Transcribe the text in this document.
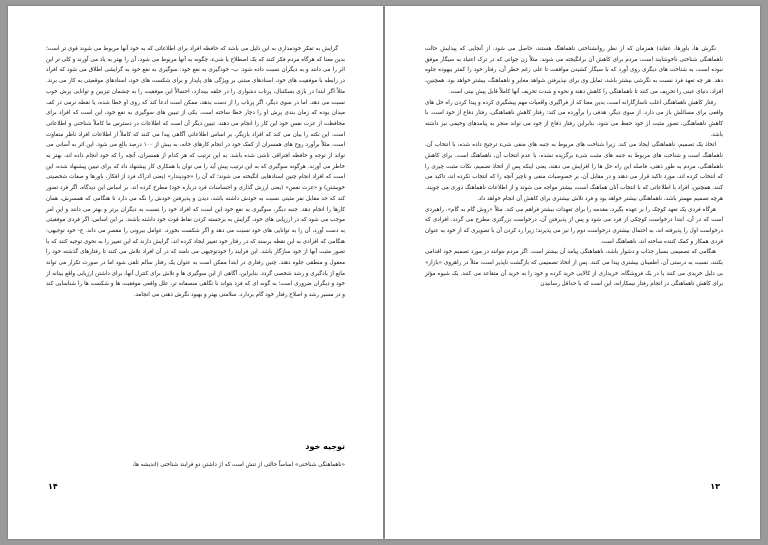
گرایش به تفکر خودمداری به این دلیل می باشد که حافظه افراد برای اطلاعاتی که به خود آنها مربوط می شوند قوی تر است؛ بدین معنا که هرگاه مردم فکر کنند که یک اصطلاح یا شیء، چگونه به آنها مربوط می شود، آن را بهتر به یاد می آورند و کلی تر این اثر را می دانند و به دیگران نسبت داده شود. ب- خودگیری به نفع خود: سوگیری به نفع خود به گرایشی اطلاق می شود که افراد در رابطه با موفقیت های خود، اسنادهای مبتنی بر ویژگی های پایدار و برای شکست های خود، اسنادهای موقعیتی به کار می برند. مثلاً اگر ابتدا در بازی بسکتبال، پرتاب دشواری را در حلقه بیندازد، احتمالاً این موفقیت را به چشمان تیزبین و توانایی پرش خوب نسبت می دهد. اما در سوی دیگر، اگر پرتاب را از دست بدهد، ممکن است ادعا کند که روی او خطا شده، یا نقطه نرمی در کف میدان بوده که زمان بندی پرش او را دچار خطا ساخته است. یکی از تبیین های سوگیری به نفع خود، این است که افراد برای محافظت از عزت نفس خود این کار را انجام می دهند. تبیین دیگر آن است که اطلاعات در دسترس ما کاملاً شناختی و اطلاعاتی است. این نکته را بیان می کند که افراد بازیگر، بر اساس اطلاعاتی آگاهی پیدا می کنند که کاملاً از اطلاعات افراد ناظر متفاوت است. مثلاً برآورد روح های همسران از کمک خود در انجام کارهای خانه، به بیش از ۱۰۰ درصد بالغ می شود. این اثر به آسانی می تواند از توجه و حافظه افتراقی ناشی شده باشد. به این ترتیب که هر کدام از همسران، آنچه را که خود انجام داده اند، بهتر به خاطر می آورند. هرگونه سوگیری که به این ترتیب پیش آید را می توان با همکاری کار پیشنهاد داد که برای تبیین پیشنهاد شده، این است که افراد انجام چنین اسنادهایی انگیخته می شوند؛ که آن را «خودپندار» (یعنی ادراک فرد از افکار، باورها و صفات شخصیتی خویشتن) و «عزت نفس» (یعنی ارزش گذاری و احساسات فرد درباره خود) مطرح کرده اند. بر اساس این دیدگاه، اگر فرد تصور کند که حد مقابل نفر مثبتی نسبت به خودش داشته باشد، دیدن و پذیرفتن خودش را نگه می دارد تا هنگامی که همسرش، همان کارها را انجام دهد. جنبه دیگر، سوگیری به نفع خود این است که افراد خود را نسبت به دیگران برتر و بهتر می دانند و این امر موجب می شود که در ارزیابی های خود، گرایش به برجسته کردن نقاط قوت خود داشته باشند. بر این اساس، اگر فردی موفقیتی به دست آورد، آن را به توانایی های خود نسبت می دهد و اگر شکست بخورد، عوامل بیرونی را مقصر می داند. ج- خود توجیهی: هنگامی که افرادی به این نقطه برسند که در رفتار خود تغییر ایجاد کرده اند، گرایش دارند که این تغییر را به نحوی توجیه کنند که با تصور مثبت آنها از خود سازگار باشد. این فرایند را خودتوجیهی می نامند که در آن افراد تلاش می کنند تا رفتارهای گذشته خود را معقول و منطقی جلوه دهند. چنین رفتاری در ابتدا ممکن است به عنوان یک رفتار سالم تلقی شود اما در صورت تکرار می تواند مانع از یادگیری و رشد شخصی گردد. بنابراین، آگاهی از این سوگیری ها و تلاش برای کنترل آنها، برای داشتن ارزیابی واقع بینانه از خود و دیگران ضروری است؛ به گونه ای که فرد بتواند با نگاهی منصفانه تر، علل واقعی موفقیت ها و شکست ها را شناسایی کند و در مسیر رشد و اصلاح رفتار خود گام بردارد. سلامتی بهتر و بهبود نگرش ذهنی می انجامد.

توجیه خود
«ناهماهنگی شناختی» اساساً حالتی از تنش است که از داشتن دو فرایند شناختی (اندیشه ها،
۱۴

نگرش ها، باورها، عقاید) همزمان که از نظر روانشناختی ناهماهنگ هستند، حاصل می شود. از آنجایی که پیدایش حالت ناهماهنگی شناختی ناخوشایند است، مردم برای کاهش آن برانگیخته می شوند. مثلاً زن جوانی که در ترک اعتیاد به سیگار موفق نبوده است، به شناخت های دیگری روی آورد که با سیگار کشیدن موافقت تا علی رغم خطر آن، رفتار خود را کمتر بیهوده جلوه دهد. هر چه تعهد فرد نسبت به نگرشی بیشتر باشد، تمایل وی برای نپذیرفتن شواهد مغایر و ناهماهنگ، بیشتر خواهد بود. همچنین، افراد، دنیای عینی را تحریف می کنند تا ناهماهنگی را کاهش دهند و نحوه و شدت تحریف آنها کاملاً قابل پیش بینی است.

رفتار کاهش ناهماهنگی اغلب ناسازگارانه است، بدین معنا که از فراگیری واقعیات مهم پیشگیری کرده و پیدا کردن راه حل های واقعی برای مسائلش باز می دارد. از سوی دیگر، هدفی را برآورده می کند: رفتار کاهش ناهماهنگی، رفتار دفاع از خود است. با کاهش ناهماهنگی، تصور مثبت از خود حفظ می شود. بنابراین رفتار دفاع از خود می تواند منجر به پیامدهای وخیمی نیز داشته باشد.

اتخاذ یک تصمیم، ناهماهنگی ایجاد می کند. زیرا شناخت های مربوط به جنبه های منفی شیء ترجیح داده شده، با انتخاب آن، ناهماهنگ است و شناخت های مربوط به جنبه های مثبت شیء برگزیده نشده، با عدم انتخاب آن، ناهماهنگ است. برای کاهش ناهماهنگی، مردم به طور ذهنی، فاصله این راه حل ها را افزایش می دهند، یعنی اینکه پس از اتخاذ تصمیم، نکات مثبت چیزی را که انتخاب کرده اند، مورد تاکید قرار می دهند و در مقابل آن، بر خصوصیات منفی و ناچیز آنچه را که انتخاب نکرده اند، تاکید می کنند. همچنین، افراد با اطلاعاتی که با انتخاب آنان هماهنگ است، بیشتر مواجه می شوند و از اطلاعات ناهماهنگ دوری می جویند. هرچه تصمیم مهمتر باشد، ناهماهنگی بیشتر خواهد بود و فرد تلاش بیشتری برای کاهش آن انجام خواهد داد.

هرگاه فردی یک تعهد کوچک را بر عهده بگیرد، مقدمه را برای تعهدات بیشتر فراهم می کند. مثلاً «روش گام به گام»، راهبردی است که در آن، ابتدا درخواست کوچکی از فرد می شود و پس از پذیرفتن آن، درخواست بزرگتری مطرح می گردد. افرادی که درخواست اول را پذیرفته اند، به احتمال بیشتری درخواست دوم را نیز می پذیرند؛ زیرا رد کردن آن با تصویری که از خود به عنوان فردی همکار و کمک کننده ساخته اند، ناهماهنگ است.

هنگامی که تصمیمی بسیار جذاب و دشوار باشد، ناهماهنگی پیامد آن بیشتر است. اگر مردم بتوانند در مورد تصمیم خود اقدامی بکنند، نسبت به درستی آن، اطمینان بیشتری پیدا می کنند. پس از اتخاذ تصمیمی که بازگشت ناپذیر است، مثلاً در راهروی «بازار» بی دلیل خریدی می کنند یا در یک فروشگاه، خریداری از کالایی خرید کرده و خود را به خرید آن متقاعد می کنند. یک شیوه مؤثر برای کاهش ناهماهنگی در انجام رفتار نیمکارانه، این است که با حداقل رسانیدن

۱۳
